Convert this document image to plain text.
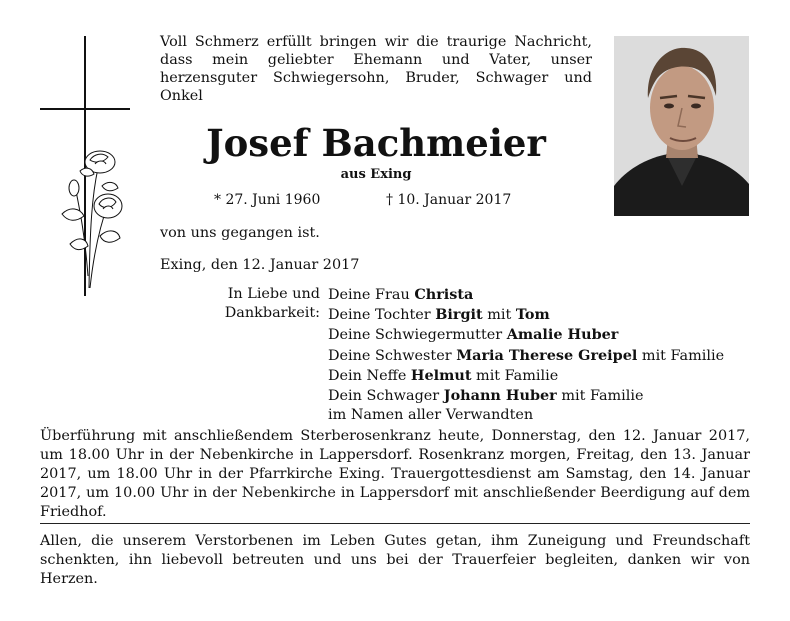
Voll Schmerz erfüllt bringen wir die traurige Nachricht, dass mein geliebter Ehemann und Vater, unser herzensguter Schwiegersohn, Bruder, Schwager und Onkel

Josef Bachmeier

aus Exing

* 27. Juni 1960	† 10. Januar 2017

von uns gegangen ist.

Exing, den 12. Januar 2017

In Liebe und
Dankbarkeit:
Deine Frau Christa
Deine Tochter Birgit mit Tom
Deine Schwiegermutter Amalie Huber
Deine Schwester Maria Therese Greipel mit Familie
Dein Neffe Helmut mit Familie
Dein Schwager Johann Huber mit Familie
im Namen aller Verwandten

Überführung mit anschließendem Sterberosenkranz heute, Donnerstag, den 12. Januar 2017, um 18.00 Uhr in der Nebenkirche in Lappersdorf. Rosenkranz morgen, Freitag, den 13. Januar 2017, um 18.00 Uhr in der Pfarrkirche Exing. Trauergottesdienst am Samstag, den 14. Januar 2017, um 10.00 Uhr in der Nebenkirche in Lappersdorf mit anschließender Beerdigung auf dem Friedhof.

Allen, die unserem Verstorbenen im Leben Gutes getan, ihm Zuneigung und Freundschaft schenkten, ihn liebevoll betreuten und uns bei der Trauerfeier begleiten, danken wir von Herzen.
